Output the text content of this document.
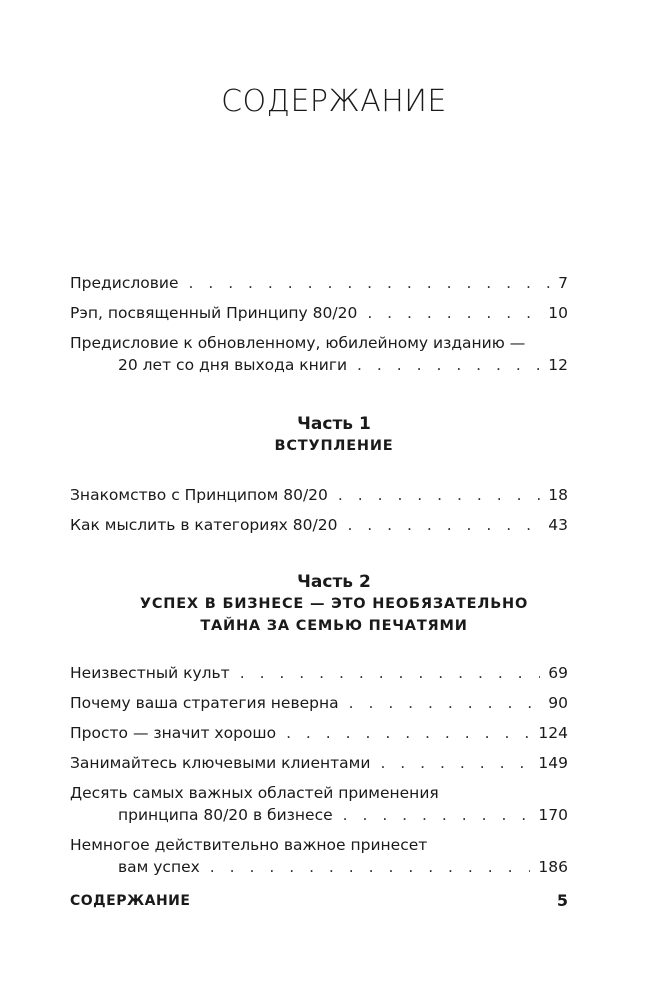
СОДЕРЖАНИЕ
Предисловие . . .	7
Рэп, посвященный Принципу 80/20 . . .	10
Предисловие к обновленному, юбилейному изданию —
20 лет со дня выхода книги . . .	12
Часть 1
ВСТУПЛЕНИЕ
Знакомство с Принципом 80/20 . . .	18
Как мыслить в категориях 80/20 . . .	43
Часть 2
УСПЕХ В БИЗНЕСЕ — ЭТО НЕОБЯЗАТЕЛЬНО
ТАЙНА ЗА СЕМЬЮ ПЕЧАТЯМИ
Неизвестный культ . . .	69
Почему ваша стратегия неверна . . .	90
Просто — значит хорошо . . .	124
Занимайтесь ключевыми клиентами . . .	149
Десять самых важных областей применения
принципа 80/20 в бизнесе . . .	170
Немногое действительно важное принесет
вам успех . . .	186
СОДЕРЖАНИЕ	5
